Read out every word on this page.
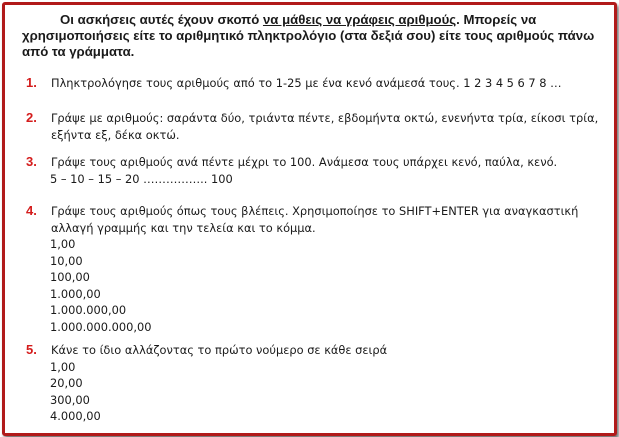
Οι ασκήσεις αυτές έχουν σκοπό να μάθεις να γράφεις αριθμούς. Μπορείς να χρησιμοποιήσεις είτε το αριθμητικό πληκτρολόγιο (στα δεξιά σου) είτε τους αριθμούς πάνω από τα γράμματα.
1. Πληκτρολόγησε τους αριθμούς από το 1-25 με ένα κενό ανάμεσά τους. 1 2 3 4 5 6 7 8 …
2. Γράψε με αριθμούς: σαράντα δύο, τριάντα πέντε, εβδομήντα οκτώ, ενενήντα τρία, είκοσι τρία, εξήντα εξ, δέκα οκτώ.
3. Γράψε τους αριθμούς ανά πέντε μέχρι το 100. Ανάμεσα τους υπάρχει κενό, παύλα, κενό.
5 – 10 – 15 – 20 …………….. 100
4. Γράψε τους αριθμούς όπως τους βλέπεις. Χρησιμοποίησε το SHIFT+ENTER για αναγκαστική αλλαγή γραμμής και την τελεία και το κόμμα.
1,00
10,00
100,00
1.000,00
1.000.000,00
1.000.000.000,00
5. Κάνε το ίδιο αλλάζοντας το πρώτο νούμερο σε κάθε σειρά
1,00
20,00
300,00
4.000,00
